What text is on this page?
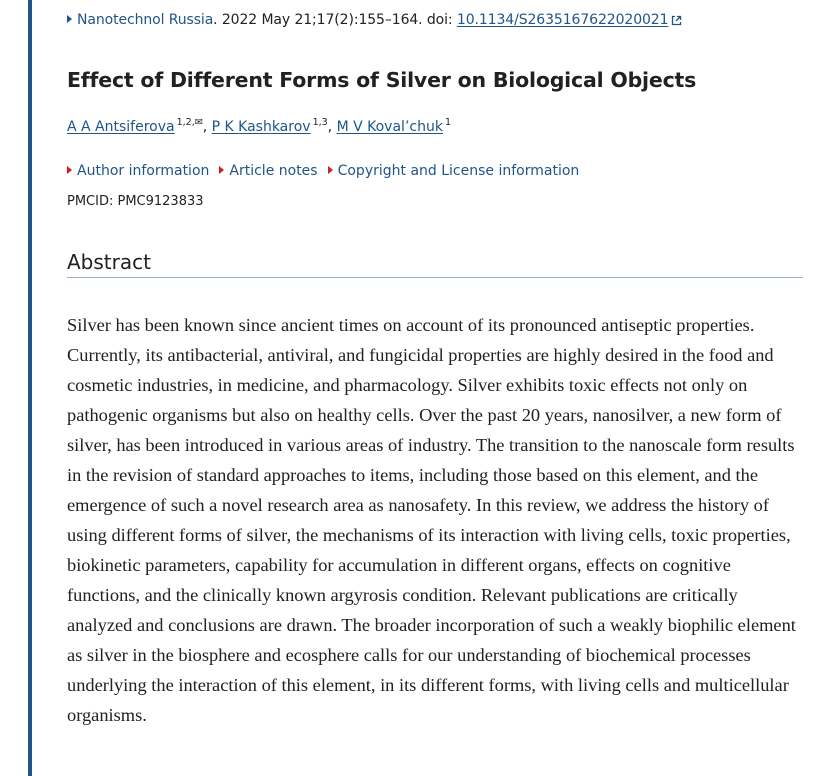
Nanotechnol Russia. 2022 May 21;17(2):155–164. doi: 10.1134/S2635167622020021
Effect of Different Forms of Silver on Biological Objects
A A Antsiferova $^{1,2,✉}$, P K Kashkarov $^{1,3}$, M V Koval’chuk $^1$
Author information Article notes Copyright and License information
PMCID: PMC9123833
Abstract

Silver has been known since ancient times on account of its pronounced antiseptic properties. Currently, its antibacterial, antiviral, and fungicidal properties are highly desired in the food and cosmetic industries, in medicine, and pharmacology. Silver exhibits toxic effects not only on pathogenic organisms but also on healthy cells. Over the past 20 years, nanosilver, a new form of silver, has been introduced in various areas of industry. The transition to the nanoscale form results in the revision of standard approaches to items, including those based on this element, and the emergence of such a novel research area as nanosafety. In this review, we address the history of using different forms of silver, the mechanisms of its interaction with living cells, toxic properties, biokinetic parameters, capability for accumulation in different organs, effects on cognitive functions, and the clinically known argyrosis condition. Relevant publications are critically analyzed and conclusions are drawn. The broader incorporation of such a weakly biophilic element as silver in the biosphere and ecosphere calls for our understanding of biochemical processes underlying the interaction of this element, in its different forms, with living cells and multicellular organisms.
